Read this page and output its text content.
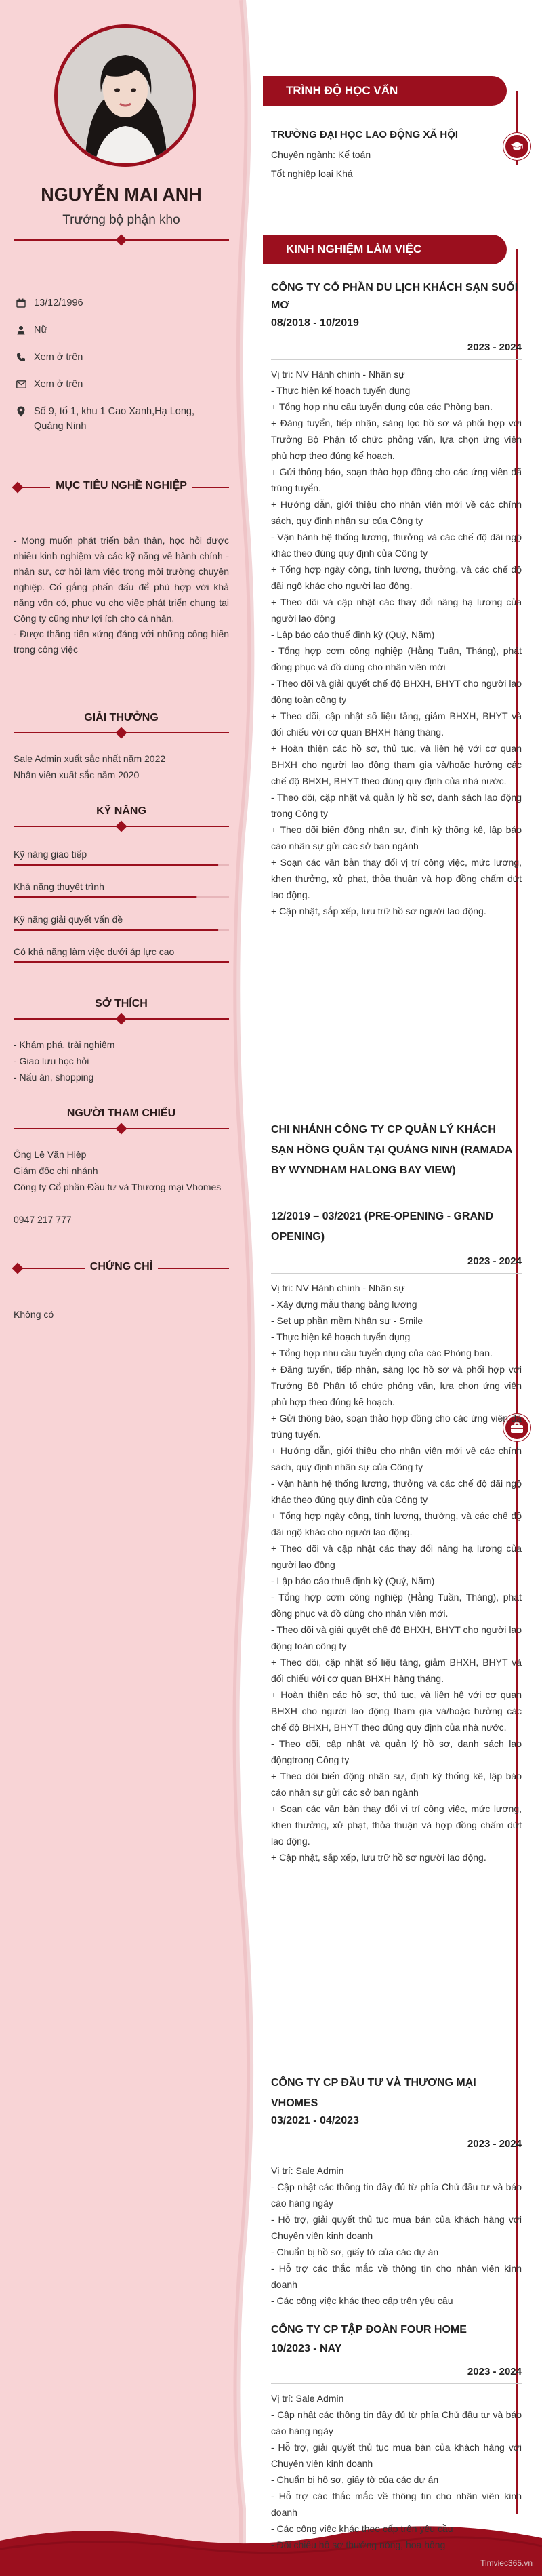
NGUYỄN MAI ANH
Trưởng bộ phận kho
13/12/1996
Nữ
Xem ở trên
Xem ở trên
Số 9, tổ 1, khu 1 Cao Xanh,Hạ Long, Quảng Ninh
MỤC TIÊU NGHỀ NGHIỆP
- Mong muốn phát triển bản thân, học hỏi được nhiều kinh nghiệm và các kỹ năng về hành chính - nhân sự, cơ hội làm việc trong môi trường chuyên nghiệp. Cố gắng phấn đấu để phù hợp với khả năng vốn có, phục vụ cho việc phát triển chung tại Công ty cũng như lợi ích cho cá nhân.
- Được thăng tiến xứng đáng với những cống hiến trong công việc
GIẢI THƯỞNG
Sale Admin xuất sắc nhất năm 2022
Nhân viên xuất sắc năm 2020
KỸ NĂNG
Kỹ năng giao tiếp
Khả năng thuyết trình
Kỹ năng giải quyết vấn đề
Có khả năng làm việc dưới áp lực cao
SỞ THÍCH
- Khám phá, trải nghiệm
- Giao lưu học hỏi
- Nấu ăn, shopping
NGƯỜI THAM CHIẾU
Ông Lê Văn Hiệp
Giám đốc chi nhánh
Công ty Cổ phần Đầu tư và Thương mại Vhomes
0947 217 777
CHỨNG CHỈ
Không có
TRÌNH ĐỘ HỌC VẤN
TRƯỜNG ĐẠI HỌC LAO ĐỘNG XÃ HỘI
Chuyên ngành: Kế toán
Tốt nghiệp loại Khá
KINH NGHIỆM LÀM VIỆC
CÔNG TY CỔ PHẦN DU LỊCH KHÁCH SẠN SUỐI MƠ
08/2018 - 10/2019
2023 - 2024
Vị trí: NV Hành chính - Nhân sự
- Thực hiện kế hoạch tuyển dụng
+ Tổng hợp nhu cầu tuyển dụng của các Phòng ban.
+ Đăng tuyển, tiếp nhận, sàng lọc hồ sơ và phối hợp với Trưởng Bộ Phận tổ chức phỏng vấn, lựa chọn ứng viên phù hợp theo đúng kế hoạch.
+ Gửi thông báo, soạn thảo hợp đồng cho các ứng viên đã trúng tuyển.
+ Hướng dẫn, giới thiệu cho nhân viên mới về các chính sách, quy định nhân sự của Công ty
- Vận hành hệ thống lương, thưởng và các chế độ đãi ngộ khác theo đúng quy định của Công ty
+ Tổng hợp ngày công, tính lương, thưởng, và các chế độ đãi ngộ khác cho người lao động.
+ Theo dõi và cập nhật các thay đổi nâng hạ lương của người lao động
- Lập báo cáo thuế định kỳ (Quý, Năm)
- Tổng hợp cơm công nghiệp (Hằng Tuần, Tháng), phát đồng phục và đồ dùng cho nhân viên mới
- Theo dõi và giải quyết chế độ BHXH, BHYT cho người lao động toàn công ty
+ Theo dõi, cập nhật số liệu tăng, giảm BHXH, BHYT và đối chiếu với cơ quan BHXH hàng tháng.
+ Hoàn thiện các hồ sơ, thủ tục, và liên hệ với cơ quan BHXH cho người lao động tham gia và/hoặc hưởng các chế độ BHXH, BHYT theo đúng quy định của nhà nước.
- Theo dõi, cập nhật và quản lý hồ sơ, danh sách lao động trong Công ty
+ Theo dõi biến động nhân sự, định kỳ thống kê, lập báo cáo nhân sự gửi các sở ban ngành
+ Soạn các văn bản thay đổi vị trí công việc, mức lương, khen thưởng, xử phạt, thỏa thuận và hợp đồng chấm dứt lao động.
+ Cập nhật, sắp xếp, lưu trữ hồ sơ người lao động.
CHI NHÁNH CÔNG TY CP QUẢN LÝ KHÁCH SẠN HỒNG QUÂN TẠI QUẢNG NINH (RAMADA BY WYNDHAM HALONG BAY VIEW)
12/2019 – 03/2021 (PRE-OPENING - GRAND OPENING)
2023 - 2024
Vị trí: NV Hành chính - Nhân sự
- Xây dựng mẫu thang bảng lương
- Set up phần mềm Nhân sự - Smile
- Thực hiện kế hoạch tuyển dụng
+ Tổng hợp nhu cầu tuyển dụng của các Phòng ban.
+ Đăng tuyển, tiếp nhận, sàng lọc hồ sơ và phối hợp với Trưởng Bộ Phận tổ chức phỏng vấn, lựa chọn ứng viên phù hợp theo đúng kế hoạch.
+ Gửi thông báo, soạn thảo hợp đồng cho các ứng viên đã trúng tuyển.
+ Hướng dẫn, giới thiệu cho nhân viên mới về các chính sách, quy định nhân sự của Công ty
- Vận hành hệ thống lương, thưởng và các chế độ đãi ngộ khác theo đúng quy định của Công ty
+ Tổng hợp ngày công, tính lương, thưởng, và các chế độ đãi ngộ khác cho người lao động.
+ Theo dõi và cập nhật các thay đổi nâng hạ lương của người lao động
- Lập báo cáo thuế định kỳ (Quý, Năm)
- Tổng hợp cơm công nghiệp (Hằng Tuần, Tháng), phát đồng phục và đồ dùng cho nhân viên mới.
- Theo dõi và giải quyết chế độ BHXH, BHYT cho người lao động toàn công ty
+ Theo dõi, cập nhật số liệu tăng, giảm BHXH, BHYT và đối chiếu với cơ quan BHXH hàng tháng.
+ Hoàn thiện các hồ sơ, thủ tục, và liên hệ với cơ quan BHXH cho người lao động tham gia và/hoặc hưởng các chế độ BHXH, BHYT theo đúng quy định của nhà nước.
- Theo dõi, cập nhật và quản lý hồ sơ, danh sách lao độngtrong Công ty
+ Theo dõi biến động nhân sự, định kỳ thống kê, lập báo cáo nhân sự gửi các sở ban ngành
+ Soạn các văn bản thay đổi vị trí công việc, mức lương, khen thưởng, xử phạt, thỏa thuận và hợp đồng chấm dứt lao động.
+ Cập nhật, sắp xếp, lưu trữ hồ sơ người lao động.
CÔNG TY CP ĐẦU TƯ VÀ THƯƠNG MẠI VHOMES
03/2021 - 04/2023
2023 - 2024
Vị trí: Sale Admin
- Cập nhật các thông tin đầy đủ từ phía Chủ đầu tư và báo cáo hàng ngày
- Hỗ trợ, giải quyết thủ tục mua bán của khách hàng với Chuyên viên kinh doanh
- Chuẩn bị hồ sơ, giấy tờ của các dự án
- Hỗ trợ các thắc mắc về thông tin cho nhân viên kinh doanh
- Các công việc khác theo cấp trên yêu cầu
CÔNG TY CP TẬP ĐOÀN FOUR HOME
10/2023 - NAY
2023 - 2024
Vị trí: Sale Admin
- Cập nhật các thông tin đầy đủ từ phía Chủ đầu tư và báo cáo hàng ngày
- Hỗ trợ, giải quyết thủ tục mua bán của khách hàng với Chuyên viên kinh doanh
- Chuẩn bị hồ sơ, giấy tờ của các dự án
- Hỗ trợ các thắc mắc về thông tin cho nhân viên kinh doanh
- Các công việc khác theo cấp trên yêu cầu
- Đối chiếu hồ sơ thưởng nóng, hoa hồng
Timviec365.vn
